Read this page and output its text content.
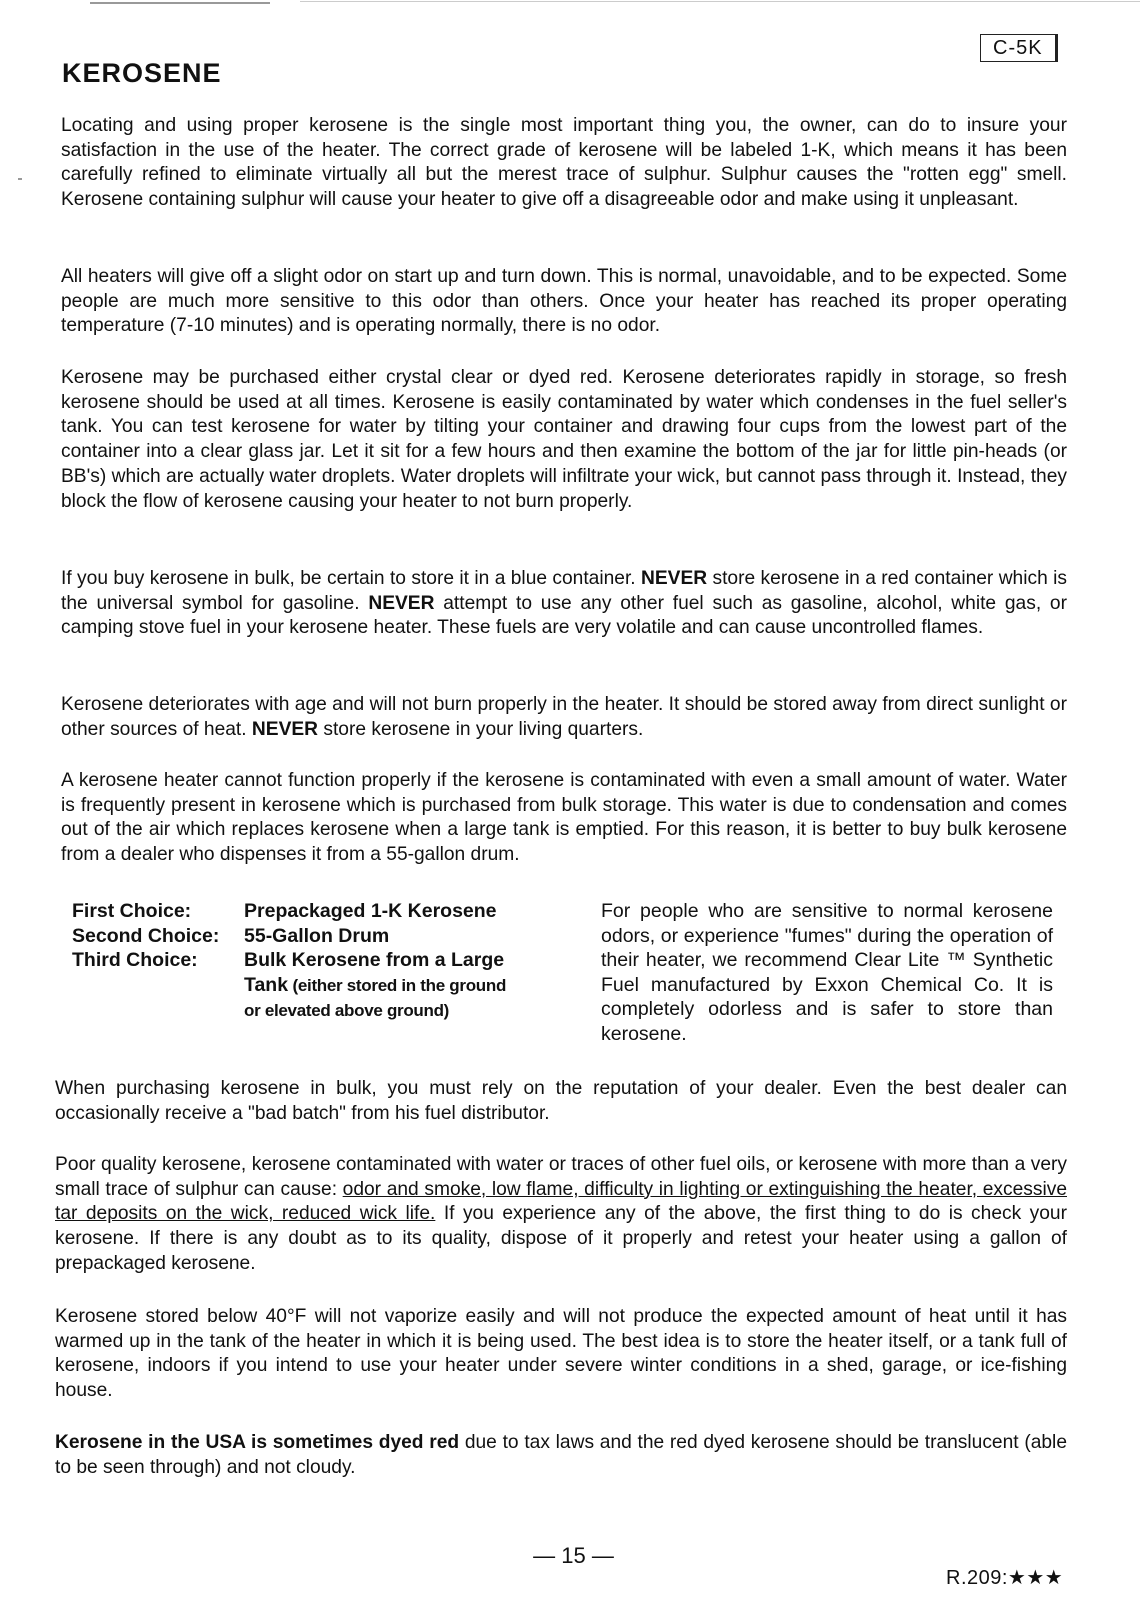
C-5K
KEROSENE

Locating and using proper kerosene is the single most important thing you, the owner, can do to insure your satisfaction in the use of the heater. The correct grade of kerosene will be labeled 1-K, which means it has been carefully refined to eliminate virtually all but the merest trace of sulphur. Sulphur causes the "rotten egg" smell. Kerosene containing sulphur will cause your heater to give off a disagreeable odor and make using it unpleasant.

All heaters will give off a slight odor on start up and turn down. This is normal, unavoidable, and to be expected. Some people are much more sensitive to this odor than others. Once your heater has reached its proper operating temperature (7-10 minutes) and is operating normally, there is no odor.

Kerosene may be purchased either crystal clear or dyed red. Kerosene deteriorates rapidly in storage, so fresh kerosene should be used at all times. Kerosene is easily contaminated by water which condenses in the fuel seller's tank. You can test kerosene for water by tilting your container and drawing four cups from the lowest part of the container into a clear glass jar. Let it sit for a few hours and then examine the bottom of the jar for little pin-heads (or BB's) which are actually water droplets. Water droplets will infiltrate your wick, but cannot pass through it. Instead, they block the flow of kerosene causing your heater to not burn properly.

If you buy kerosene in bulk, be certain to store it in a blue container. NEVER store kerosene in a red container which is the universal symbol for gasoline. NEVER attempt to use any other fuel such as gasoline, alcohol, white gas, or camping stove fuel in your kerosene heater. These fuels are very volatile and can cause uncontrolled flames.

Kerosene deteriorates with age and will not burn properly in the heater. It should be stored away from direct sunlight or other sources of heat. NEVER store kerosene in your living quarters.

A kerosene heater cannot function properly if the kerosene is contaminated with even a small amount of water. Water is frequently present in kerosene which is purchased from bulk storage. This water is due to condensation and comes out of the air which replaces kerosene when a large tank is emptied. For this reason, it is better to buy bulk kerosene from a dealer who dispenses it from a 55-gallon drum.

First Choice:	Prepackaged 1-K Kerosene
Second Choice:	55-Gallon Drum
Third Choice:	Bulk Kerosene from a Large
Tank (either stored in the ground
or elevated above ground)

For people who are sensitive to normal kerosene odors, or experience "fumes" during the operation of their heater, we recommend Clear Lite ™ Synthetic Fuel manufactured by Exxon Chemical Co. It is completely odorless and is safer to store than kerosene.

When purchasing kerosene in bulk, you must rely on the reputation of your dealer. Even the best dealer can occasionally receive a "bad batch" from his fuel distributor.

Poor quality kerosene, kerosene contaminated with water or traces of other fuel oils, or kerosene with more than a very small trace of sulphur can cause: odor and smoke, low flame, difficulty in lighting or extinguishing the heater, excessive tar deposits on the wick, reduced wick life. If you experience any of the above, the first thing to do is check your kerosene. If there is any doubt as to its quality, dispose of it properly and retest your heater using a gallon of prepackaged kerosene.

Kerosene stored below 40°F will not vaporize easily and will not produce the expected amount of heat until it has warmed up in the tank of the heater in which it is being used. The best idea is to store the heater itself, or a tank full of kerosene, indoors if you intend to use your heater under severe winter conditions in a shed, garage, or ice-fishing house.

Kerosene in the USA is sometimes dyed red due to tax laws and the red dyed kerosene should be translucent (able to be seen through) and not cloudy.

— 15 —
R.209:★★★
